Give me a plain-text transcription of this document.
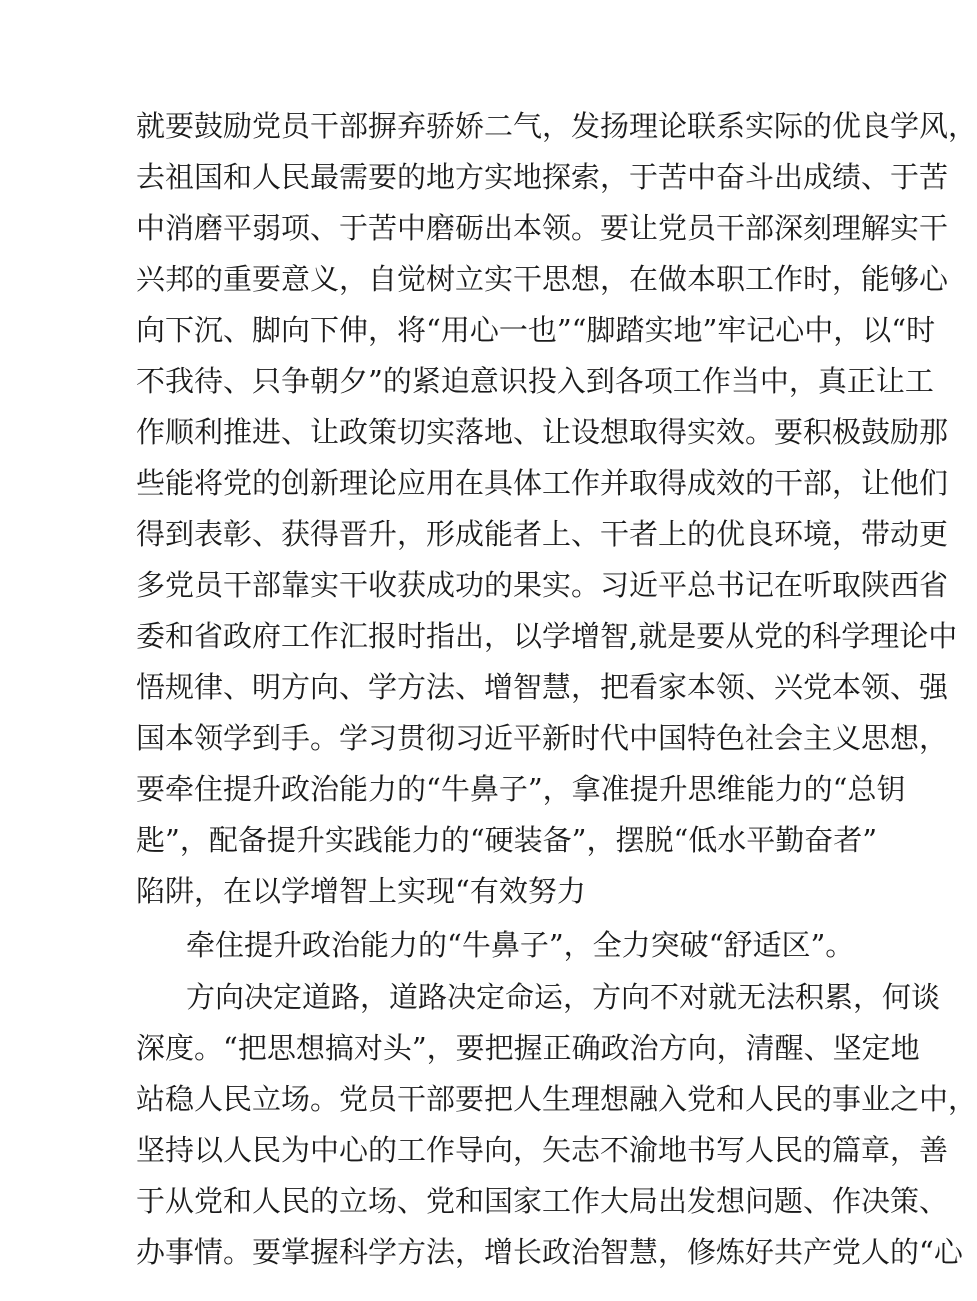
就要鼓励党员干部摒弃骄娇二气，发扬理论联系实际的优良学风，
去祖国和人民最需要的地方实地探索，于苦中奋斗出成绩、于苦
中消磨平弱项、于苦中磨砺出本领。要让党员干部深刻理解实干
兴邦的重要意义，自觉树立实干思想，在做本职工作时，能够心
向下沉、脚向下伸，将“用心一也”“脚踏实地”牢记心中，以“时
不我待、只争朝夕”的紧迫意识投入到各项工作当中，真正让工
作顺利推进、让政策切实落地、让设想取得实效。要积极鼓励那
些能将党的创新理论应用在具体工作并取得成效的干部，让他们
得到表彰、获得晋升，形成能者上、干者上的优良环境，带动更
多党员干部靠实干收获成功的果实。习近平总书记在听取陕西省
委和省政府工作汇报时指出，以学增智,就是要从党的科学理论中
悟规律、明方向、学方法、增智慧，把看家本领、兴党本领、强
国本领学到手。学习贯彻习近平新时代中国特色社会主义思想，
要牵住提升政治能力的“牛鼻子”，拿准提升思维能力的“总钥
匙”，配备提升实践能力的“硬装备”，摆脱“低水平勤奋者”
陷阱，在以学增智上实现“有效努力
牵住提升政治能力的“牛鼻子”，全力突破“舒适区”。
方向决定道路，道路决定命运，方向不对就无法积累，何谈
深度。“把思想搞对头”，要把握正确政治方向，清醒、坚定地
站稳人民立场。党员干部要把人生理想融入党和人民的事业之中，
坚持以人民为中心的工作导向，矢志不渝地书写人民的篇章，善
于从党和人民的立场、党和国家工作大局出发想问题、作决策、
办事情。要掌握科学方法，增长政治智慧，修炼好共产党人的“心
